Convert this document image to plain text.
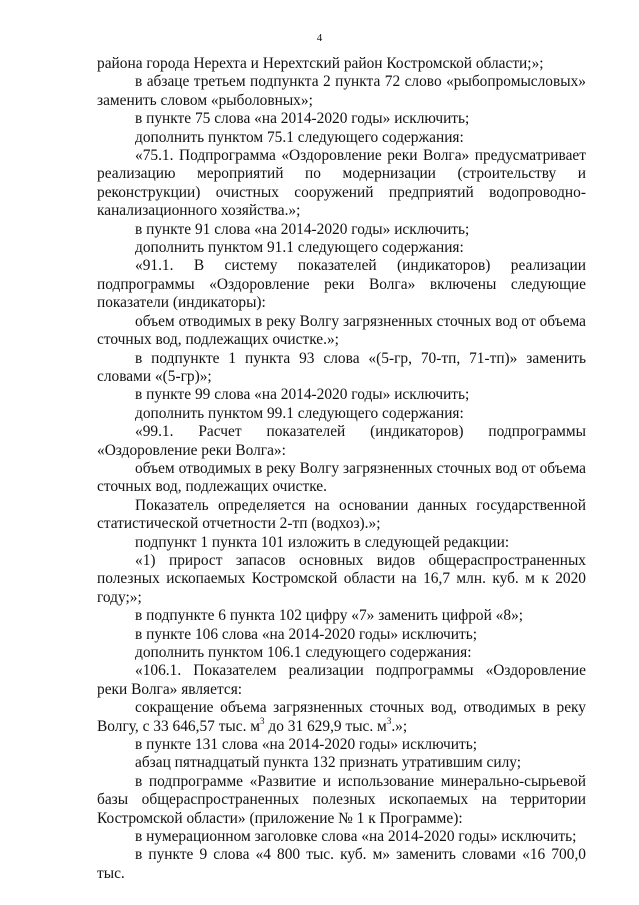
4

района города Нерехта и Нерехтский район Костромской области;»;

в абзаце третьем подпункта 2 пункта 72 слово «рыбопромысловых» заменить словом «рыболовных»;

в пункте 75 слова «на 2014-2020 годы» исключить;

дополнить пунктом 75.1 следующего содержания:

«75.1. Подпрограмма «Оздоровление реки Волга» предусматривает реализацию мероприятий по модернизации (строительству и реконструкции) очистных сооружений предприятий водопроводно-канализационного хозяйства.»;

в пункте 91 слова «на 2014-2020 годы» исключить;

дополнить пунктом 91.1 следующего содержания:

«91.1. В систему показателей (индикаторов) реализации подпрограммы «Оздоровление реки Волга» включены следующие показатели (индикаторы):

объем отводимых в реку Волгу загрязненных сточных вод от объема сточных вод, подлежащих очистке.»;

в подпункте 1 пункта 93 слова «(5-гр, 70-тп, 71-тп)» заменить словами «(5-гр)»;

в пункте 99 слова «на 2014-2020 годы» исключить;

дополнить пунктом 99.1 следующего содержания:

«99.1. Расчет показателей (индикаторов) подпрограммы «Оздоровление реки Волга»:

объем отводимых в реку Волгу загрязненных сточных вод от объема сточных вод, подлежащих очистке.

Показатель определяется на основании данных государственной статистической отчетности 2-тп (водхоз).»;

подпункт 1 пункта 101 изложить в следующей редакции:

«1) прирост запасов основных видов общераспространенных полезных ископаемых Костромской области на 16,7 млн. куб. м к 2020 году;»;

в подпункте 6 пункта 102 цифру «7» заменить цифрой «8»;

в пункте 106 слова «на 2014-2020 годы» исключить;

дополнить пунктом 106.1 следующего содержания:

«106.1. Показателем реализации подпрограммы «Оздоровление реки Волга» является:

сокращение объема загрязненных сточных вод, отводимых в реку Волгу, с 33 646,57 тыс. $м^3$ до 31 629,9 тыс. $м^3$.»;

в пункте 131 слова «на 2014-2020 годы» исключить;

абзац пятнадцатый пункта 132 признать утратившим силу;

в подпрограмме «Развитие и использование минерально-сырьевой базы общераспространенных полезных ископаемых на территории Костромской области» (приложение № 1 к Программе):

в нумерационном заголовке слова «на 2014-2020 годы» исключить;

в пункте 9 слова «4 800 тыс. куб. м» заменить словами «16 700,0 тыс.
